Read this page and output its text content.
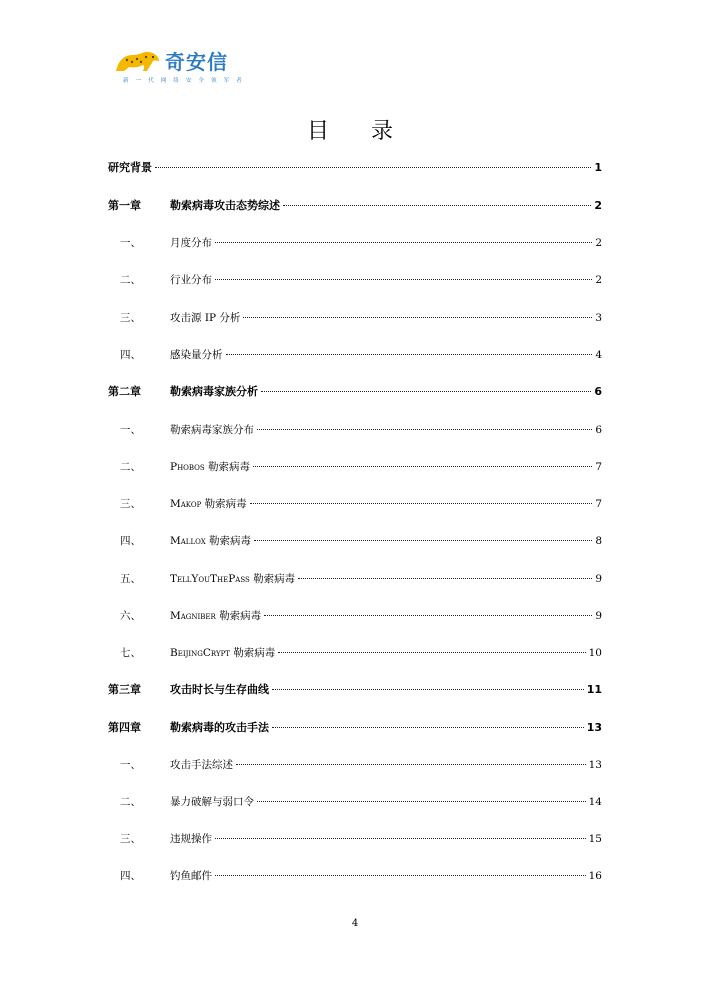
奇安信
新 一 代 网 络 安 全 领 军 者
目　录
研究背景	1
第一章	勒索病毒攻击态势综述	2
一、	月度分布	2
二、	行业分布	2
三、	攻击源 IP 分析	3
四、	感染量分析	4
第二章	勒索病毒家族分析	6
一、	勒索病毒家族分布	6
二、	Phobos 勒索病毒	7
三、	Makop 勒索病毒	7
四、	Mallox 勒索病毒	8
五、	TellYouThePass 勒索病毒	9
六、	Magniber 勒索病毒	9
七、	BeijingCrypt 勒索病毒	10
第三章	攻击时长与生存曲线	11
第四章	勒索病毒的攻击手法	13
一、	攻击手法综述	13
二、	暴力破解与弱口令	14
三、	违规操作	15
四、	钓鱼邮件	16
4
